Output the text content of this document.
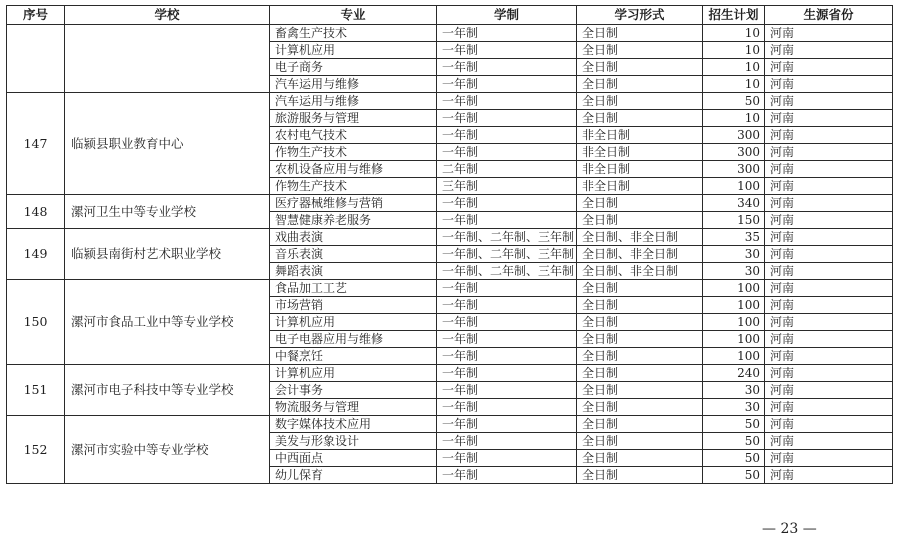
序号	学校	专业	学制	学习形式	招生计划	生源省份
		畜禽生产技术	一年制	全日制	10	河南
		计算机应用	一年制	全日制	10	河南
		电子商务	一年制	全日制	10	河南
		汽车运用与维修	一年制	全日制	10	河南
147	临颍县职业教育中心	汽车运用与维修	一年制	全日制	50	河南
		旅游服务与管理	一年制	全日制	10	河南
		农村电气技术	一年制	非全日制	300	河南
		作物生产技术	一年制	非全日制	300	河南
		农机设备应用与维修	二年制	非全日制	300	河南
		作物生产技术	三年制	非全日制	100	河南
148	漯河卫生中等专业学校	医疗器械维修与营销	一年制	全日制	340	河南
		智慧健康养老服务	一年制	全日制	150	河南
149	临颍县南街村艺术职业学校	戏曲表演	一年制、二年制、三年制	全日制、非全日制	35	河南
		音乐表演	一年制、二年制、三年制	全日制、非全日制	30	河南
		舞蹈表演	一年制、二年制、三年制	全日制、非全日制	30	河南
150	漯河市食品工业中等专业学校	食品加工工艺	一年制	全日制	100	河南
		市场营销	一年制	全日制	100	河南
		计算机应用	一年制	全日制	100	河南
		电子电器应用与维修	一年制	全日制	100	河南
		中餐烹饪	一年制	全日制	100	河南
151	漯河市电子科技中等专业学校	计算机应用	一年制	全日制	240	河南
		会计事务	一年制	全日制	30	河南
		物流服务与管理	一年制	全日制	30	河南
152	漯河市实验中等专业学校	数字媒体技术应用	一年制	全日制	50	河南
		美发与形象设计	一年制	全日制	50	河南
		中西面点	一年制	全日制	50	河南
		幼儿保育	一年制	全日制	50	河南
— 23 —
